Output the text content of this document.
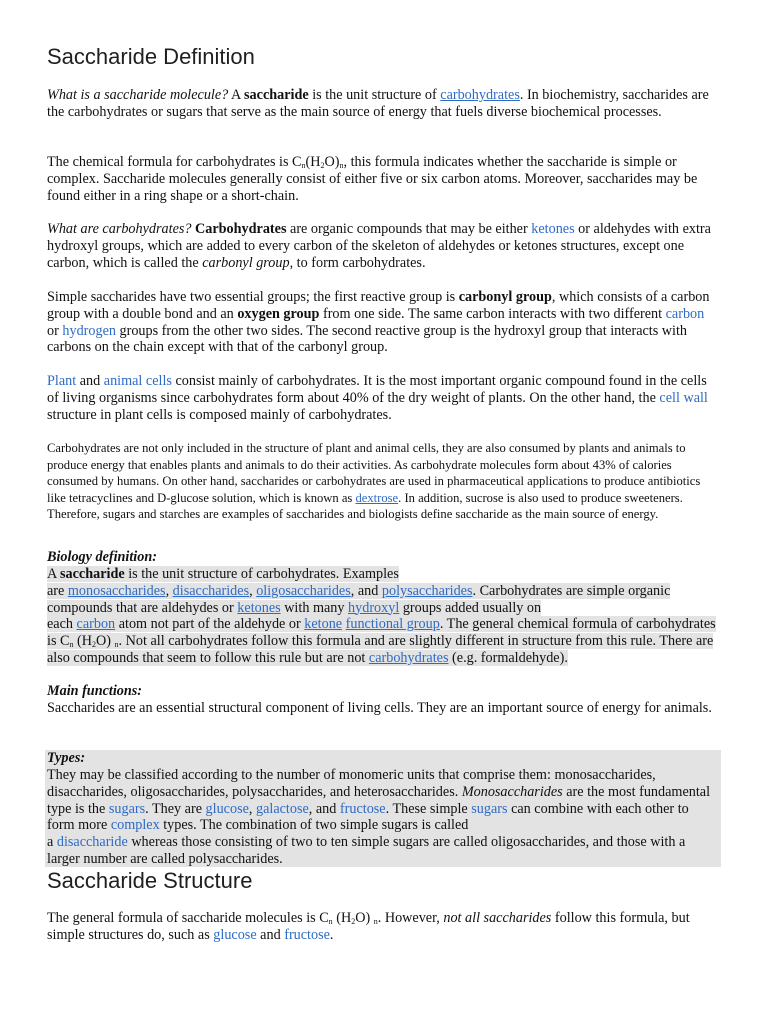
Saccharide Definition

What is a saccharide molecule? A saccharide is the unit structure of carbohydrates. In biochemistry, saccharides are the carbohydrates or sugars that serve as the main source of energy that fuels diverse biochemical processes.

The chemical formula for carbohydrates is $C_n(H_2O)_n$, this formula indicates whether the saccharide is simple or complex. Saccharide molecules generally consist of either five or six carbon atoms. Moreover, saccharides may be found either in a ring shape or a short-chain.

What are carbohydrates? Carbohydrates are organic compounds that may be either ketones or aldehydes with extra hydroxyl groups, which are added to every carbon of the skeleton of aldehydes or ketones structures, except one carbon, which is called the carbonyl group, to form carbohydrates.

Simple saccharides have two essential groups; the first reactive group is carbonyl group, which consists of a carbon group with a double bond and an oxygen group from one side. The same carbon interacts with two different carbon or hydrogen groups from the other two sides. The second reactive group is the hydroxyl group that interacts with carbons on the chain except with that of the carbonyl group.

Plant and animal cells consist mainly of carbohydrates. It is the most important organic compound found in the cells of living organisms since carbohydrates form about 40% of the dry weight of plants. On the other hand, the cell wall structure in plant cells is composed mainly of carbohydrates.

Carbohydrates are not only included in the structure of plant and animal cells, they are also consumed by plants and animals to produce energy that enables plants and animals to do their activities. As carbohydrate molecules form about 43% of calories consumed by humans. On other hand, saccharides or carbohydrates are used in pharmaceutical applications to produce antibiotics like tetracyclines and D-glucose solution, which is known as dextrose. In addition, sucrose is also used to produce sweeteners. Therefore, sugars and starches are examples of saccharides and biologists define saccharide as the main source of energy.

Biology definition:

A saccharide is the unit structure of carbohydrates. Examples
are monosaccharides, disaccharides, oligosaccharides, and polysaccharides. Carbohydrates are simple organic compounds that are aldehydes or ketones with many hydroxyl groups added usually on
each carbon atom not part of the aldehyde or ketone functional group. The general chemical formula of carbohydrates is $C_n$ $(H_2O)$ $_n$. Not all carbohydrates follow this formula and are slightly different in structure from this rule. There are also compounds that seem to follow this rule but are not carbohydrates (e.g. formaldehyde).

Main functions:

Saccharides are an essential structural component of living cells. They are an important source of energy for animals.

Types:

They may be classified according to the number of monomeric units that comprise them: monosaccharides, disaccharides, oligosaccharides, polysaccharides, and heterosaccharides. Monosaccharides are the most fundamental type is the sugars. They are glucose, galactose, and fructose. These simple sugars can combine with each other to form more complex types. The combination of two simple sugars is called
a disaccharide whereas those consisting of two to ten simple sugars are called oligosaccharides, and those with a larger number are called polysaccharides.

Saccharide Structure

The general formula of saccharide molecules is $C_n$ $(H_2O)$ $_n$. However, not all saccharides follow this formula, but simple structures do, such as glucose and fructose.
